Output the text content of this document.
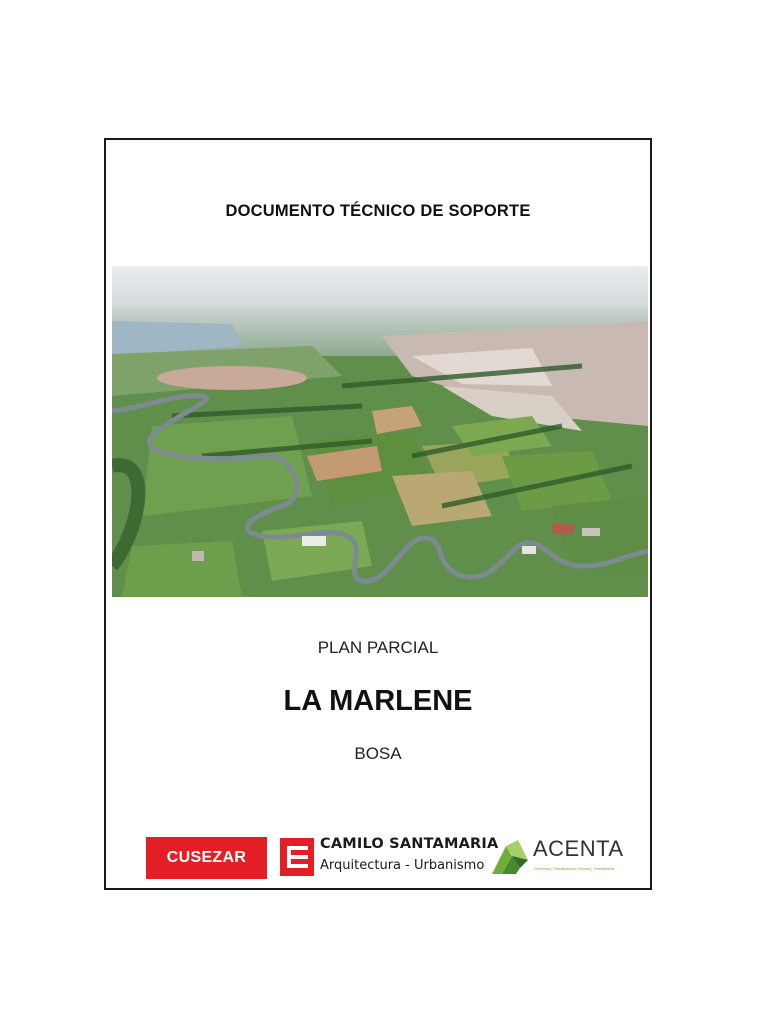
DOCUMENTO TÉCNICO DE SOPORTE
PLAN PARCIAL
LA MARLENE
BOSA
CUSEZAR
CAMILO SANTAMARIA
Arquitectura - Urbanismo
ACENTA
Gerencia | Planificación Urbana | Inmobiliaria
